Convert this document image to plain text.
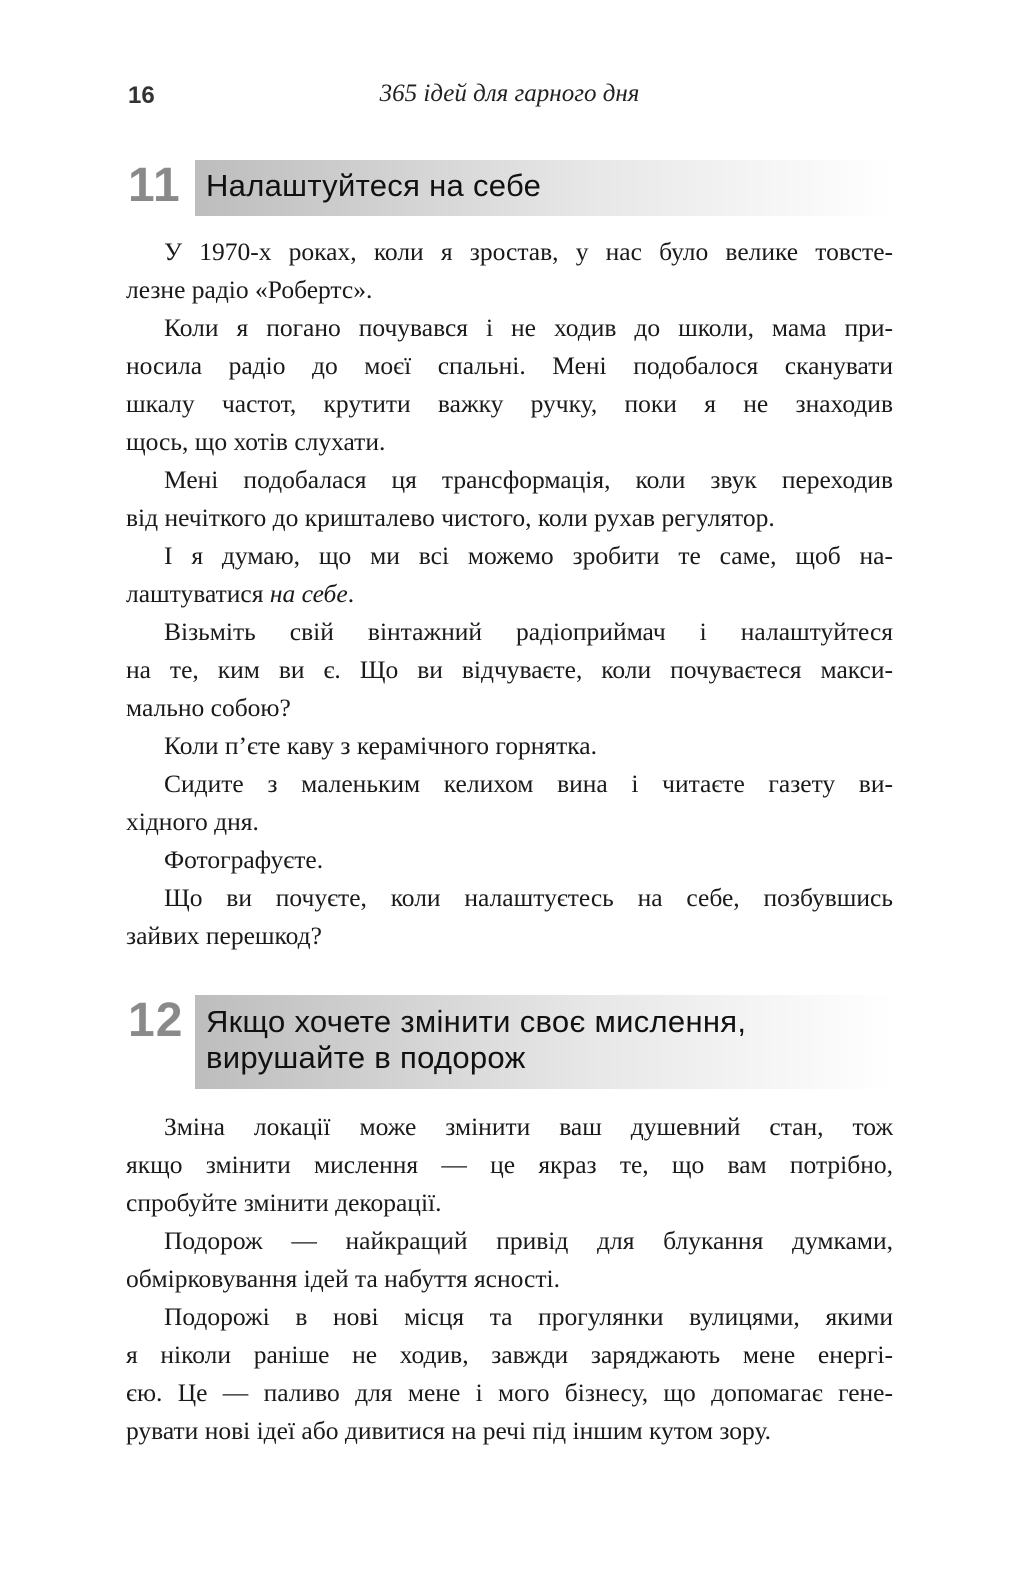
16	365 ідей для гарного дня
11 Налаштуйтеся на себе
У 1970-х роках, коли я зростав, у нас було велике товсте-
лезне радіо «Робертс».
Коли я погано почувався і не ходив до школи, мама при-
носила радіо до моєї спальні. Мені подобалося сканувати
шкалу частот, крутити важку ручку, поки я не знаходив
щось, що хотів слухати.
Мені подобалася ця трансформація, коли звук переходив
від нечіткого до кришталево чистого, коли рухав регулятор.
І я думаю, що ми всі можемо зробити те саме, щоб на-
лаштуватися на себе.
Візьміть свій вінтажний радіоприймач і налаштуйтеся
на те, ким ви є. Що ви відчуваєте, коли почуваєтеся макси-
мально собою?
Коли п’єте каву з керамічного горнятка.
Сидите з маленьким келихом вина і читаєте газету ви-
хідного дня.
Фотографуєте.
Що ви почуєте, коли налаштуєтесь на себе, позбувшись
зайвих перешкод?
12 Якщо хочете змінити своє мислення,
вирушайте в подорож
Зміна локації може змінити ваш душевний стан, тож
якщо змінити мислення — це якраз те, що вам потрібно,
спробуйте змінити декорації.
Подорож — найкращий привід для блукання думками,
обмірковування ідей та набуття ясності.
Подорожі в нові місця та прогулянки вулицями, якими
я ніколи раніше не ходив, завжди заряджають мене енергі-
єю. Це — паливо для мене і мого бізнесу, що допомагає гене-
рувати нові ідеї або дивитися на речі під іншим кутом зору.
